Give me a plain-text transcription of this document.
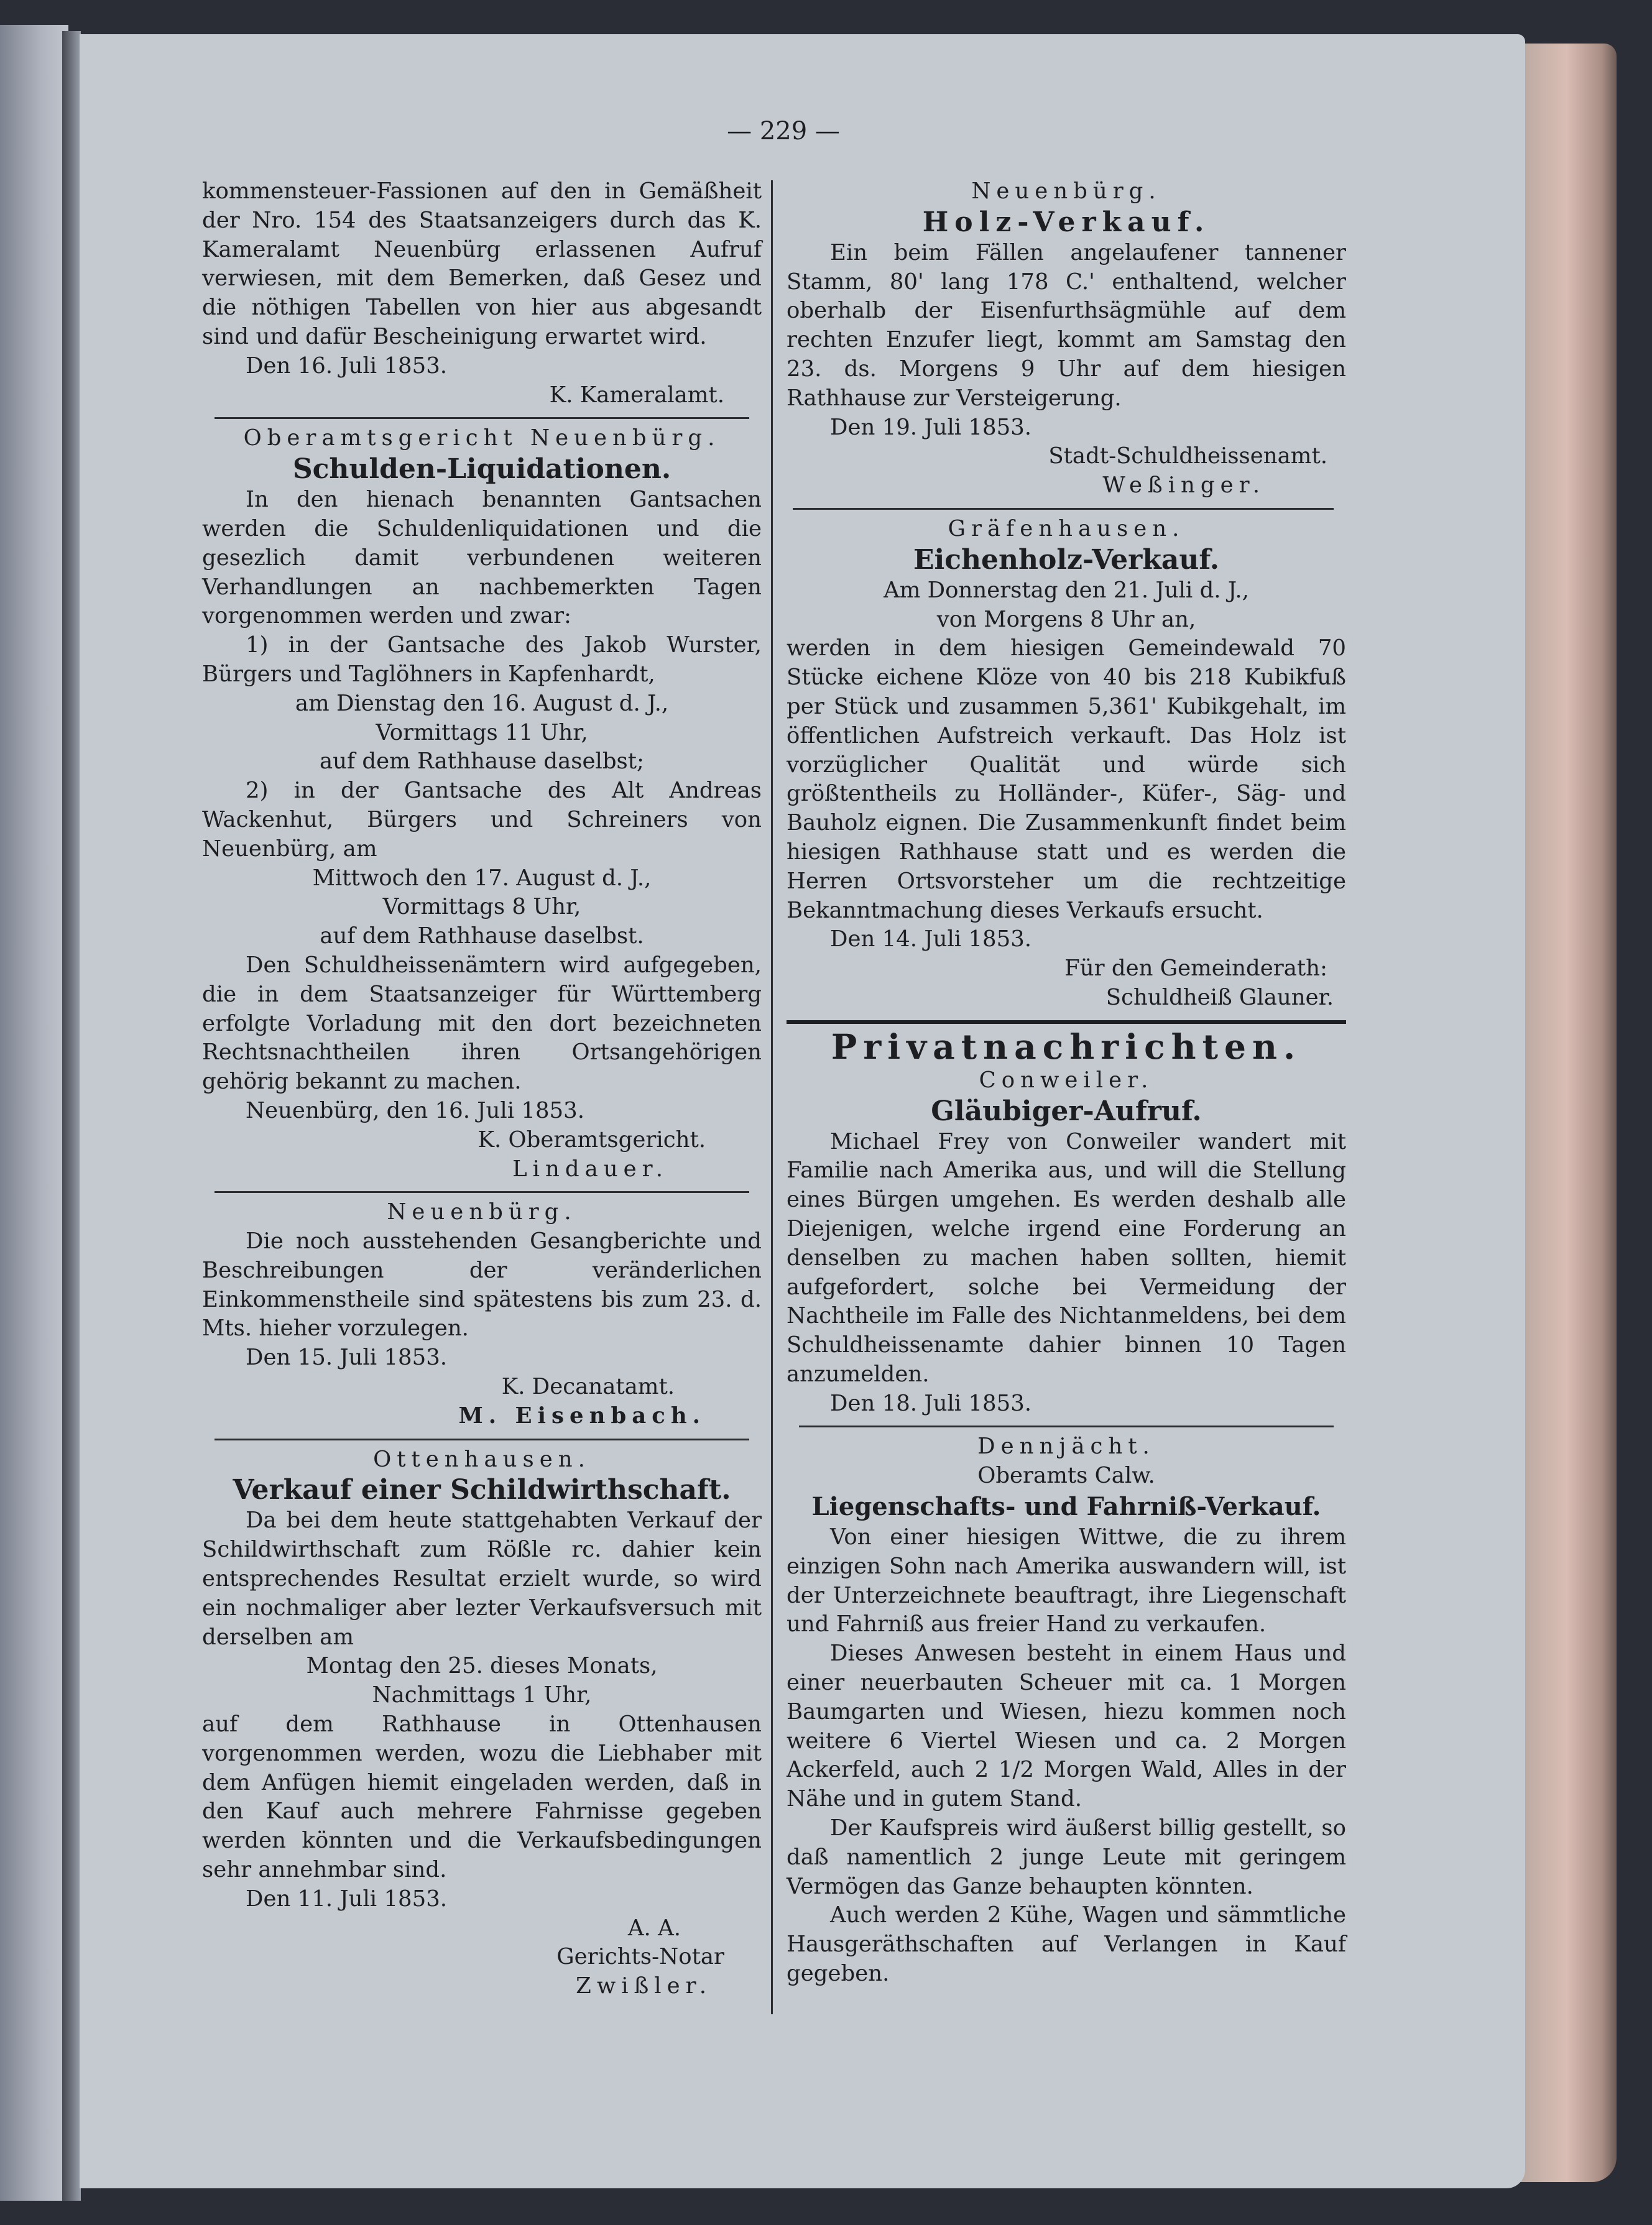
— 229 —

kommensteuer-Fassionen auf den in Gemäßheit der Nro. 154 des Staatsanzeigers durch das K. Kameralamt Neuenbürg erlassenen Aufruf verwiesen, mit dem Bemerken, daß Gesez und die nöthigen Tabellen von hier aus abgesandt sind und dafür Bescheinigung erwartet wird.

Den 16. Juli 1853.

K. Kameralamt.

Oberamtsgericht Neuenbürg.

Schulden-Liquidationen.

In den hienach benannten Gantsachen werden die Schuldenliquidationen und die gesezlich damit verbundenen weiteren Verhandlungen an nachbemerkten Tagen vorgenommen werden und zwar:

1) in der Gantsache des Jakob Wurster, Bürgers und Taglöhners in Kapfenhardt,

am Dienstag den 16. August d. J.,

Vormittags 11 Uhr,

auf dem Rathhause daselbst;

2) in der Gantsache des Alt Andreas Wackenhut, Bürgers und Schreiners von Neuenbürg, am

Mittwoch den 17. August d. J.,

Vormittags 8 Uhr,

auf dem Rathhause daselbst.

Den Schuldheissenämtern wird aufgegeben, die in dem Staatsanzeiger für Württemberg erfolgte Vorladung mit den dort bezeichneten Rechtsnachtheilen ihren Ortsangehörigen gehörig bekannt zu machen.

Neuenbürg, den 16. Juli 1853.

K. Oberamtsgericht.

Lindauer.

Neuenbürg.

Die noch ausstehenden Gesangberichte und Beschreibungen der veränderlichen Einkommenstheile sind spätestens bis zum 23. d. Mts. hieher vorzulegen.

Den 15. Juli 1853.

K. Decanatamt.

M. Eisenbach.

Ottenhausen.

Verkauf einer Schildwirthschaft.

Da bei dem heute stattgehabten Verkauf der Schildwirthschaft zum Rößle rc. dahier kein entsprechendes Resultat erzielt wurde, so wird ein nochmaliger aber lezter Verkaufsversuch mit derselben am

Montag den 25. dieses Monats,

Nachmittags 1 Uhr,

auf dem Rathhause in Ottenhausen vorgenommen werden, wozu die Liebhaber mit dem Anfügen hiemit eingeladen werden, daß in den Kauf auch mehrere Fahrnisse gegeben werden könnten und die Verkaufsbedingungen sehr annehmbar sind.

Den 11. Juli 1853.

A. A.

Gerichts-Notar

Zwißler.

Neuenbürg.

Holz-Verkauf.

Ein beim Fällen angelaufener tannener Stamm, 80' lang 178 C.' enthaltend, welcher oberhalb der Eisenfurthsägmühle auf dem rechten Enzufer liegt, kommt am Samstag den 23. ds. Morgens 9 Uhr auf dem hiesigen Rathhause zur Versteigerung.

Den 19. Juli 1853.

Stadt-Schuldheissenamt.

Weßinger.

Gräfenhausen.

Eichenholz-Verkauf.

Am Donnerstag den 21. Juli d. J.,

von Morgens 8 Uhr an,

werden in dem hiesigen Gemeindewald 70 Stücke eichene Klöze von 40 bis 218 Kubikfuß per Stück und zusammen 5,361' Kubikgehalt, im öffentlichen Aufstreich verkauft. Das Holz ist vorzüglicher Qualität und würde sich größtentheils zu Holländer-, Küfer-, Säg- und Bauholz eignen. Die Zusammenkunft findet beim hiesigen Rathhause statt und es werden die Herren Ortsvorsteher um die rechtzeitige Bekanntmachung dieses Verkaufs ersucht.

Den 14. Juli 1853.

Für den Gemeinderath:

Schuldheiß Glauner.

Privatnachrichten.

Conweiler.

Gläubiger-Aufruf.

Michael Frey von Conweiler wandert mit Familie nach Amerika aus, und will die Stellung eines Bürgen umgehen. Es werden deshalb alle Diejenigen, welche irgend eine Forderung an denselben zu machen haben sollten, hiemit aufgefordert, solche bei Vermeidung der Nachtheile im Falle des Nichtanmeldens, bei dem Schuldheissenamte dahier binnen 10 Tagen anzumelden.

Den 18. Juli 1853.

Dennjächt.

Oberamts Calw.

Liegenschafts- und Fahrniß-Verkauf.

Von einer hiesigen Wittwe, die zu ihrem einzigen Sohn nach Amerika auswandern will, ist der Unterzeichnete beauftragt, ihre Liegenschaft und Fahrniß aus freier Hand zu verkaufen.

Dieses Anwesen besteht in einem Haus und einer neuerbauten Scheuer mit ca. 1 Morgen Baumgarten und Wiesen, hiezu kommen noch weitere 6 Viertel Wiesen und ca. 2 Morgen Ackerfeld, auch 2 1/2 Morgen Wald, Alles in der Nähe und in gutem Stand.

Der Kaufspreis wird äußerst billig gestellt, so daß namentlich 2 junge Leute mit geringem Vermögen das Ganze behaupten könnten.

Auch werden 2 Kühe, Wagen und sämmtliche Hausgeräthschaften auf Verlangen in Kauf gegeben.
